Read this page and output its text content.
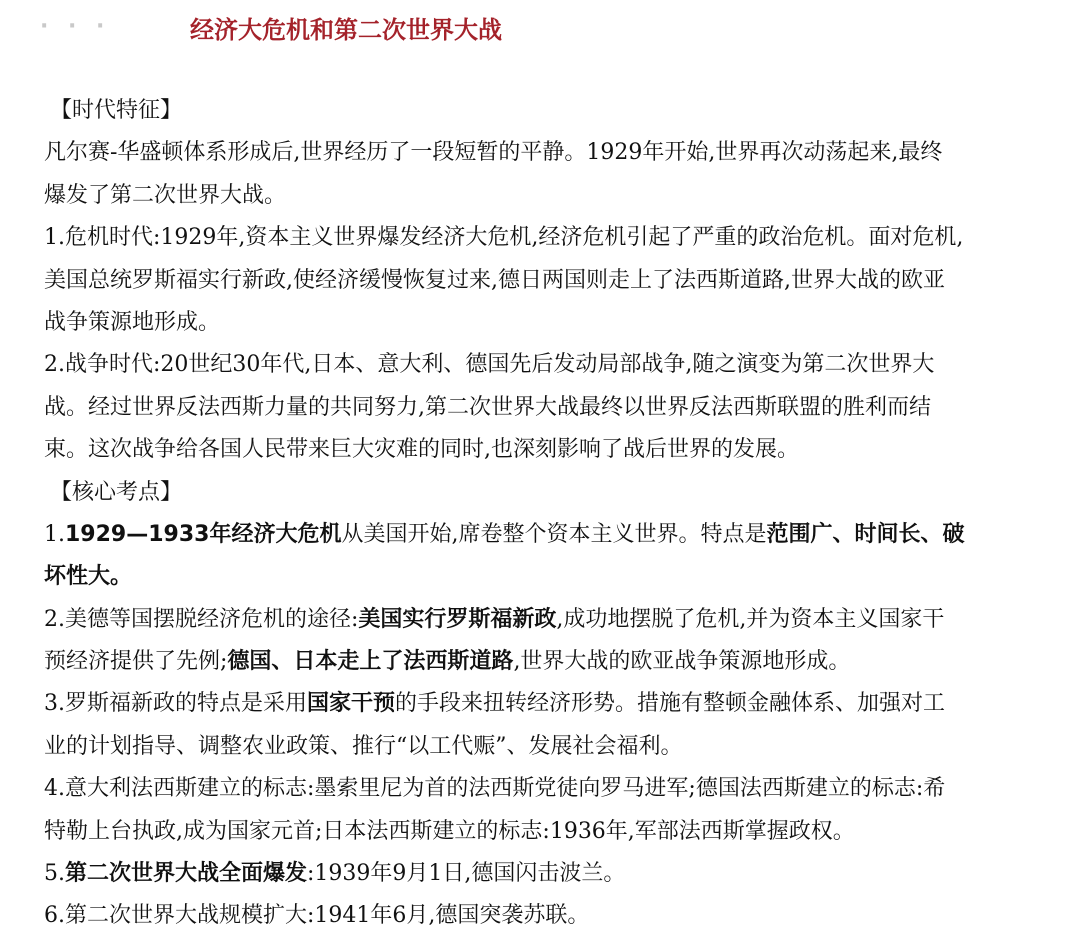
· · ·	经济大危机和第二次世界大战
【时代特征】
凡尔赛-华盛顿体系形成后,世界经历了一段短暂的平静。1929年开始,世界再次动荡起来,最终
爆发了第二次世界大战。
1.危机时代:1929年,资本主义世界爆发经济大危机,经济危机引起了严重的政治危机。面对危机,
美国总统罗斯福实行新政,使经济缓慢恢复过来,德日两国则走上了法西斯道路,世界大战的欧亚
战争策源地形成。
2.战争时代:20世纪30年代,日本、意大利、德国先后发动局部战争,随之演变为第二次世界大
战。经过世界反法西斯力量的共同努力,第二次世界大战最终以世界反法西斯联盟的胜利而结
束。这次战争给各国人民带来巨大灾难的同时,也深刻影响了战后世界的发展。
【核心考点】
1.1929—1933年经济大危机从美国开始,席卷整个资本主义世界。特点是范围广、时间长、破
坏性大。
2.美德等国摆脱经济危机的途径:美国实行罗斯福新政,成功地摆脱了危机,并为资本主义国家干
预经济提供了先例;德国、日本走上了法西斯道路,世界大战的欧亚战争策源地形成。
3.罗斯福新政的特点是采用国家干预的手段来扭转经济形势。措施有整顿金融体系、加强对工
业的计划指导、调整农业政策、推行“以工代赈”、发展社会福利。
4.意大利法西斯建立的标志:墨索里尼为首的法西斯党徒向罗马进军;德国法西斯建立的标志:希
特勒上台执政,成为国家元首;日本法西斯建立的标志:1936年,军部法西斯掌握政权。
5.第二次世界大战全面爆发:1939年9月1日,德国闪击波兰。
6.第二次世界大战规模扩大:1941年6月,德国突袭苏联。
